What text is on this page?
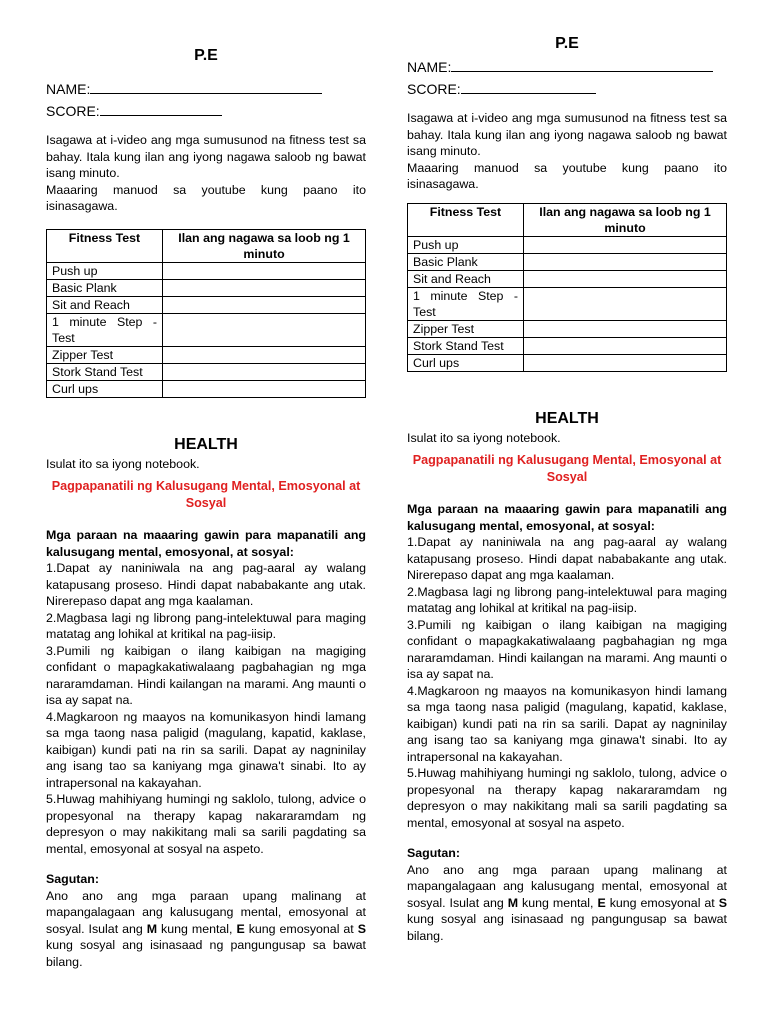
P.E
NAME:
SCORE:
Isagawa at i-video ang mga sumusunod na fitness test sa bahay. Itala kung ilan ang iyong nagawa saloob ng bawat isang minuto.
Maaaring manuod sa youtube kung paano ito isinasagawa.
Fitness Test	Ilan ang nagawa sa loob ng 1 minuto
Push up	
Basic Plank	
Sit and Reach	
1 minute Step - Test	
Zipper Test	
Stork Stand Test	
Curl ups	
HEALTH
Isulat ito sa iyong notebook.
Pagpapanatili ng Kalusugang Mental, Emosyonal at Sosyal
Mga paraan na maaaring gawin para mapanatili ang kalusugang mental, emosyonal, at sosyal:
1.Dapat ay naniniwala na ang pag-aaral ay walang katapusang proseso. Hindi dapat nababakante ang utak. Nirerepaso dapat ang mga kaalaman.
2.Magbasa lagi ng librong pang-intelektuwal para maging matatag ang lohikal at kritikal na pag-iisip.
3.Pumili ng kaibigan o ilang kaibigan na magiging confidant o mapagkakatiwalaang pagbahagian ng mga nararamdaman. Hindi kailangan na marami. Ang maunti o isa ay sapat na.
4.Magkaroon ng maayos na komunikasyon hindi lamang sa mga taong nasa paligid (magulang, kapatid, kaklase, kaibigan) kundi pati na rin sa sarili. Dapat ay nagninilay ang isang tao sa kaniyang mga ginawa't sinabi. Ito ay intrapersonal na kakayahan.
5.Huwag mahihiyang humingi ng saklolo, tulong, advice o propesyonal na therapy kapag nakararamdam ng depresyon o may nakikitang mali sa sarili pagdating sa mental, emosyonal at sosyal na aspeto.
Sagutan:
Ano ano ang mga paraan upang malinang at mapangalagaan ang kalusugang mental, emosyonal at sosyal. Isulat ang M kung mental, E kung emosyonal at S kung sosyal ang isinasaad ng pangungusap sa bawat bilang.
P.E
NAME:
SCORE:
Isagawa at i-video ang mga sumusunod na fitness test sa bahay. Itala kung ilan ang iyong nagawa saloob ng bawat isang minuto.
Maaaring manuod sa youtube kung paano ito isinasagawa.
Fitness Test	Ilan ang nagawa sa loob ng 1 minuto
Push up	
Basic Plank	
Sit and Reach	
1 minute Step - Test	
Zipper Test	
Stork Stand Test	
Curl ups	
HEALTH
Isulat ito sa iyong notebook.
Pagpapanatili ng Kalusugang Mental, Emosyonal at Sosyal
Mga paraan na maaaring gawin para mapanatili ang kalusugang mental, emosyonal, at sosyal:
1.Dapat ay naniniwala na ang pag-aaral ay walang katapusang proseso. Hindi dapat nababakante ang utak. Nirerepaso dapat ang mga kaalaman.
2.Magbasa lagi ng librong pang-intelektuwal para maging matatag ang lohikal at kritikal na pag-iisip.
3.Pumili ng kaibigan o ilang kaibigan na magiging confidant o mapagkakatiwalaang pagbahagian ng mga nararamdaman. Hindi kailangan na marami. Ang maunti o isa ay sapat na.
4.Magkaroon ng maayos na komunikasyon hindi lamang sa mga taong nasa paligid (magulang, kapatid, kaklase, kaibigan) kundi pati na rin sa sarili. Dapat ay nagninilay ang isang tao sa kaniyang mga ginawa't sinabi. Ito ay intrapersonal na kakayahan.
5.Huwag mahihiyang humingi ng saklolo, tulong, advice o propesyonal na therapy kapag nakararamdam ng depresyon o may nakikitang mali sa sarili pagdating sa mental, emosyonal at sosyal na aspeto.
Sagutan:
Ano ano ang mga paraan upang malinang at mapangalagaan ang kalusugang mental, emosyonal at sosyal. Isulat ang M kung mental, E kung emosyonal at S kung sosyal ang isinasaad ng pangungusap sa bawat bilang.
